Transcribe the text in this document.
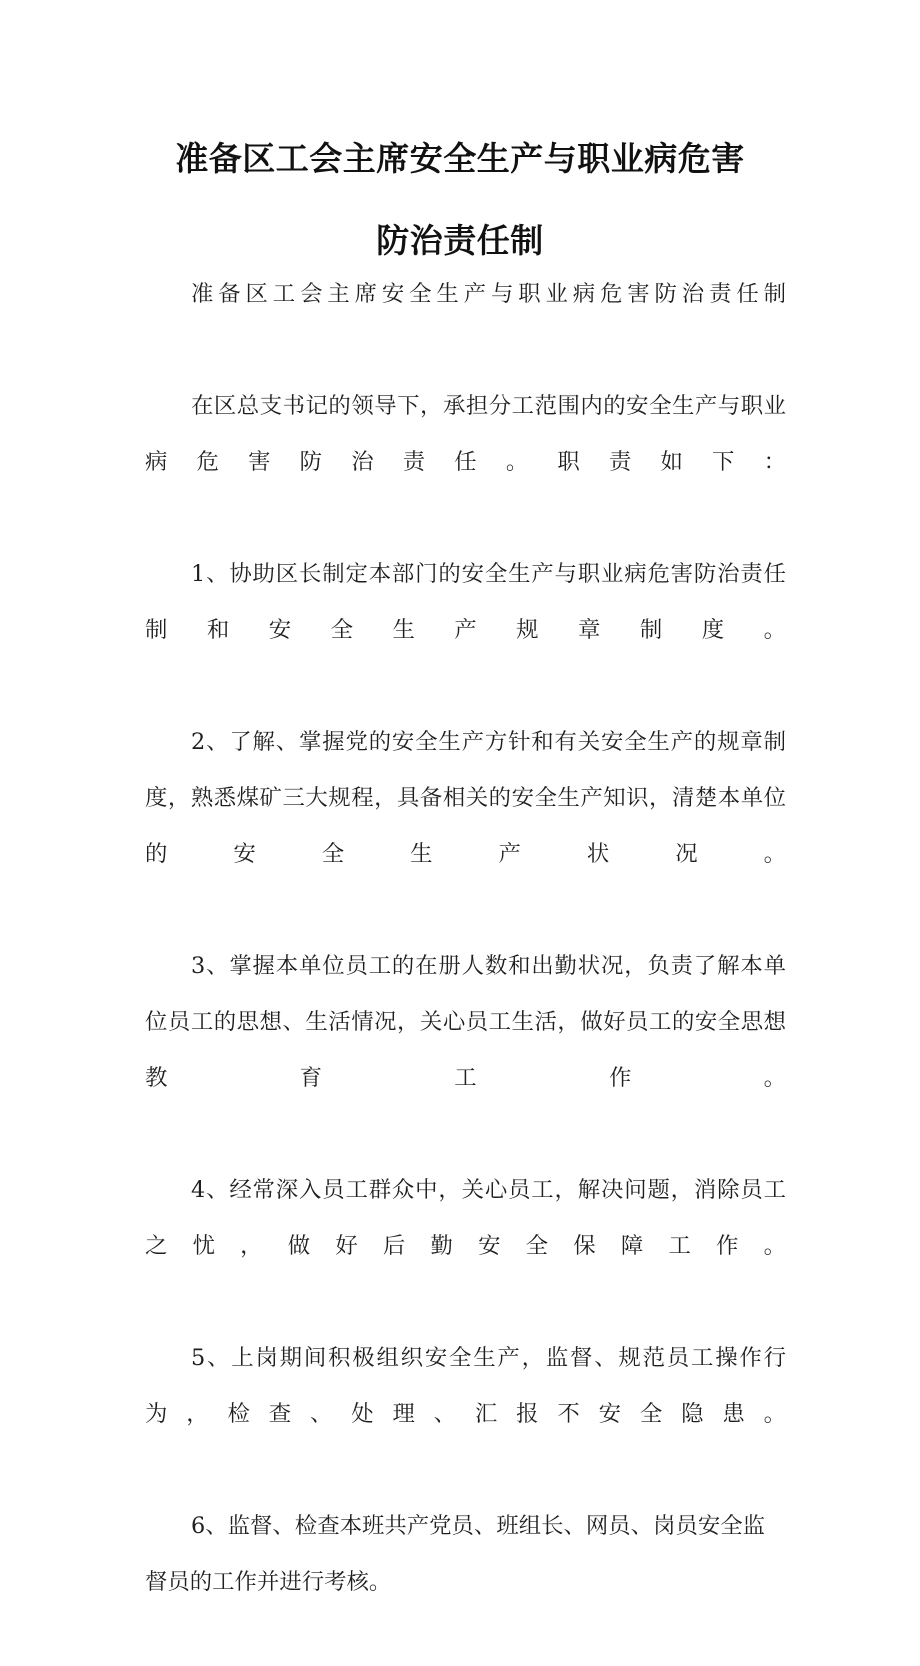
准备区工会主席安全生产与职业病危害
防治责任制

准备区工会主席安全生产与职业病危害防治责任制

在区总支书记的领导下，承担分工范围内的安全生产与职业病危害防治责任。职责如下：

1、协助区长制定本部门的安全生产与职业病危害防治责任制和安全生产规章制度。

2、了解、掌握党的安全生产方针和有关安全生产的规章制度，熟悉煤矿三大规程，具备相关的安全生产知识，清楚本单位的安全生产状况。

3、掌握本单位员工的在册人数和出勤状况，负责了解本单位员工的思想、生活情况，关心员工生活，做好员工的安全思想教育工作。

4、经常深入员工群众中，关心员工，解决问题，消除员工之忧，做好后勤安全保障工作。

5、上岗期间积极组织安全生产，监督、规范员工操作行为，检查、处理、汇报不安全隐患。

6、监督、检查本班共产党员、班组长、网员、岗员安全监督员的工作并进行考核。
